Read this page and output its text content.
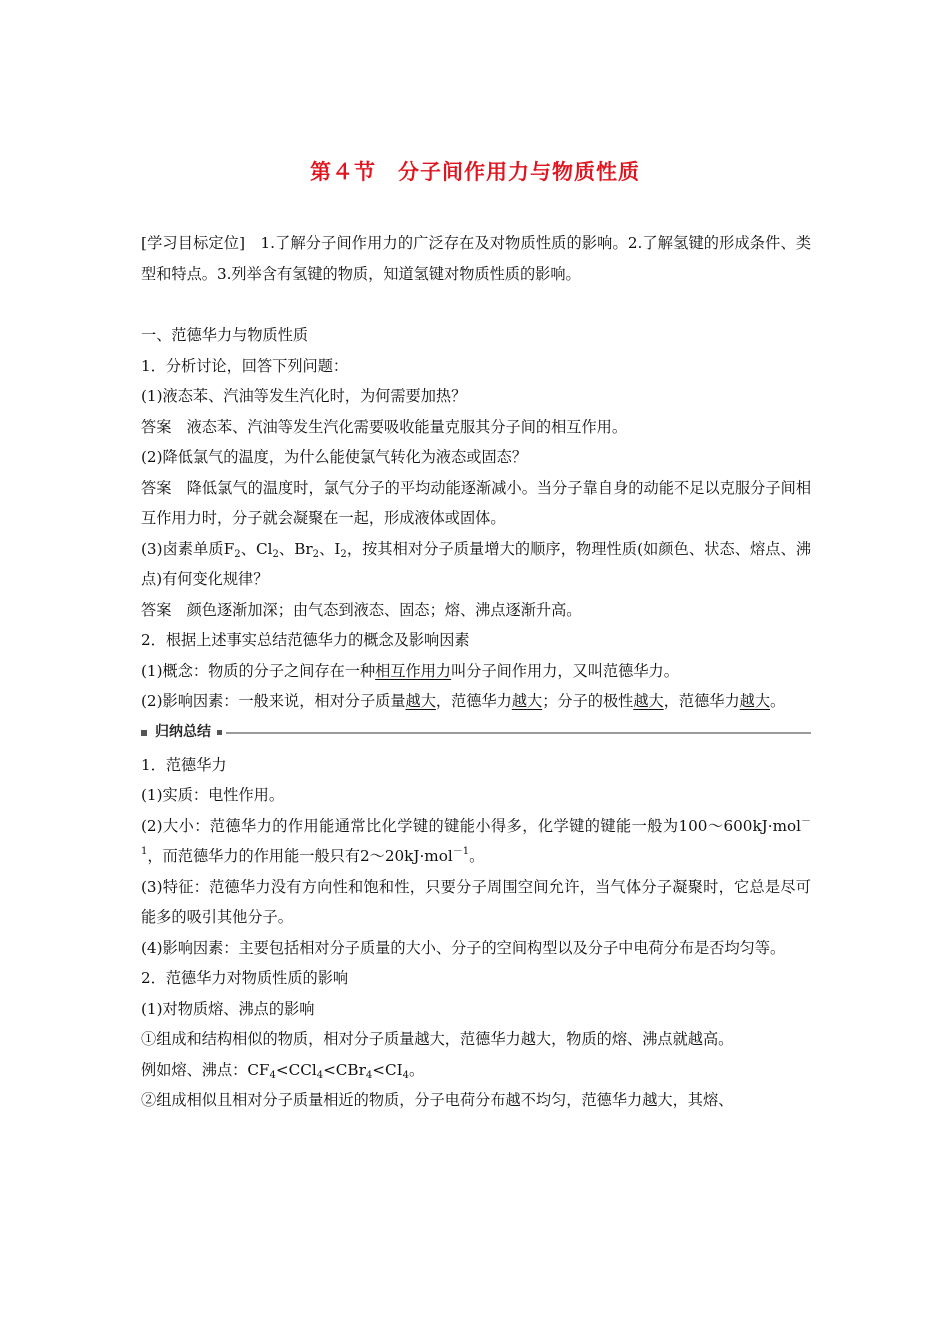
第４节　分子间作用力与物质性质

[学习目标定位]　 1.了解分子间作用力的广泛存在及对物质性质的影响。2.了解氢键的形成条件、类型和特点。3.列举含有氢键的物质，知道氢键对物质性质的影响。

一、范德华力与物质性质

1．分析讨论，回答下列问题：

(1)液态苯、汽油等发生汽化时，为何需要加热？

答案　液态苯、汽油等发生汽化需要吸收能量克服其分子间的相互作用。

(2)降低氯气的温度，为什么能使氯气转化为液态或固态？

答案　降低氯气的温度时，氯气分子的平均动能逐渐减小。当分子靠自身的动能不足以克服分子间相互作用力时，分子就会凝聚在一起，形成液体或固体。

(3)卤素单质$F_2$、$Cl_2$、$Br_2$、$I_2$，按其相对分子质量增大的顺序，物理性质(如颜色、状态、熔点、沸点)有何变化规律？

答案　颜色逐渐加深；由气态到液态、固态；熔、沸点逐渐升高。

2．根据上述事实总结范德华力的概念及影响因素

(1)概念：物质的分子之间存在一种相互作用力叫分子间作用力，又叫范德华力。

(2)影响因素：一般来说，相对分子质量越大，范德华力越大；分子的极性越大，范德华力越大。

归纳总结

1．范德华力

(1)实质：电性作用。

(2)大小：范德华力的作用能通常比化学键的键能小得多，化学键的键能一般为100～600kJ·mol$^{-1}$，而范德华力的作用能一般只有2～20kJ·mol$^{-1}$。

(3)特征：范德华力没有方向性和饱和性，只要分子周围空间允许，当气体分子凝聚时，它总是尽可能多的吸引其他分子。

(4)影响因素：主要包括相对分子质量的大小、分子的空间构型以及分子中电荷分布是否均匀等。

2．范德华力对物质性质的影响

(1)对物质熔、沸点的影响

①组成和结构相似的物质，相对分子质量越大，范德华力越大，物质的熔、沸点就越高。

例如熔、沸点：$CF_4<CCl_4<CBr_4<CI_4$。

②组成相似且相对分子质量相近的物质，分子电荷分布越不均匀，范德华力越大，其熔、
